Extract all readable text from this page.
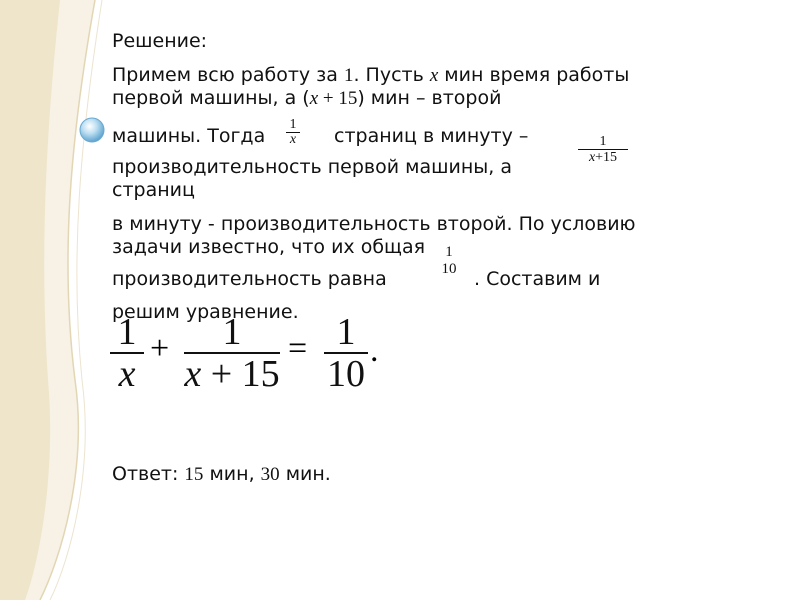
Решение:
Примем всю работу за 1. Пусть x мин время работы
первой машины, а (x + 15) мин – второй
машины. Тогда
1
x страниц в минуту –
производительность первой машины, а
1
x+15
страниц
в минуту - производительность второй. По условию
задачи известно, что их общая
производительность равна
1
10 . Составим и
решим уравнение.
1
x
+	1
x + 15
= 1
10
.
Ответ: 15 мин, 30 мин.
